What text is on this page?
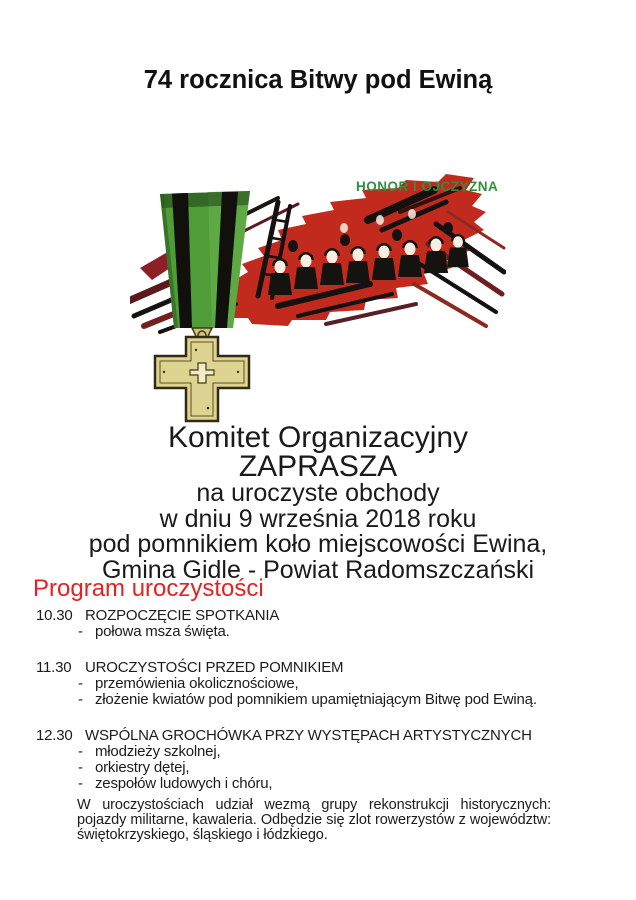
74 rocznica Bitwy pod Ewiną
HONOR I OJCZYZNA
Komitet Organizacyjny
ZAPRASZA
na uroczyste obchody
w dniu 9 września 2018 roku
pod pomnikiem koło miejscowości Ewina,
Gmina Gidle - Powiat Radomszczański
Program uroczystości
10.30 ROZPOCZĘCIE SPOTKANIA
- połowa msza święta.
11.30 UROCZYSTOŚCI PRZED POMNIKIEM
- przemówienia okolicznościowe,
- złożenie kwiatów pod pomnikiem upamiętniającym Bitwę pod Ewiną.
12.30 WSPÓLNA GROCHÓWKA PRZY WYSTĘPACH ARTYSTYCZNYCH
- młodzieży szkolnej,
- orkiestry dętej,
- zespołów ludowych i chóru,
W uroczystościach udział wezmą grupy rekonstrukcji historycznych: pojazdy militarne, kawaleria. Odbędzie się zlot rowerzystów z województw: świętokrzyskiego, śląskiego i łódzkiego.
